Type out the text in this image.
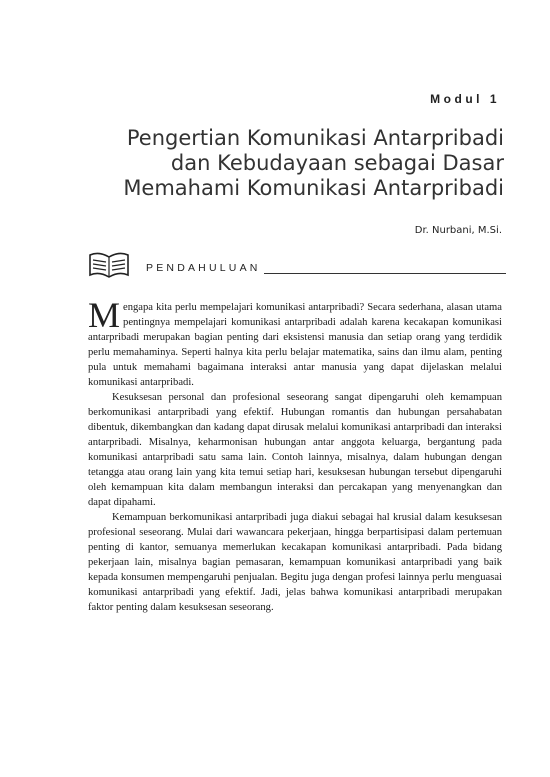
Modul 1
Pengertian Komunikasi Antarpribadi
dan Kebudayaan sebagai Dasar
Memahami Komunikasi Antarpribadi
Dr. Nurbani, M.Si.
PENDAHULUAN

Mengapa kita perlu mempelajari komunikasi antarpribadi? Secara sederhana, alasan utama pentingnya mempelajari komunikasi antarpribadi adalah karena kecakapan komunikasi antarpribadi merupakan bagian penting dari eksistensi manusia dan setiap orang yang terdidik perlu memahaminya. Seperti halnya kita perlu belajar matematika, sains dan ilmu alam, penting pula untuk memahami bagaimana interaksi antar manusia yang dapat dijelaskan melalui komunikasi antarpribadi.

Kesuksesan personal dan profesional seseorang sangat dipengaruhi oleh kemampuan berkomunikasi antarpribadi yang efektif. Hubungan romantis dan hubungan persahabatan dibentuk, dikembangkan dan kadang dapat dirusak melalui komunikasi antarpribadi dan interaksi antarpribadi. Misalnya, keharmonisan hubungan antar anggota keluarga, bergantung pada komunikasi antarpribadi satu sama lain. Contoh lainnya, misalnya, dalam hubungan dengan tetangga atau orang lain yang kita temui setiap hari, kesuksesan hubungan tersebut dipengaruhi oleh kemampuan kita dalam membangun interaksi dan percakapan yang menyenangkan dan dapat dipahami.

Kemampuan berkomunikasi antarpribadi juga diakui sebagai hal krusial dalam kesuksesan profesional seseorang. Mulai dari wawancara pekerjaan, hingga berpartisipasi dalam pertemuan penting di kantor, semuanya memerlukan kecakapan komunikasi antarpribadi. Pada bidang pekerjaan lain, misalnya bagian pemasaran, kemampuan komunikasi antarpribadi yang baik kepada konsumen mempengaruhi penjualan. Begitu juga dengan profesi lainnya perlu menguasai komunikasi antarpribadi yang efektif. Jadi, jelas bahwa komunikasi antarpribadi merupakan faktor penting dalam kesuksesan seseorang.
